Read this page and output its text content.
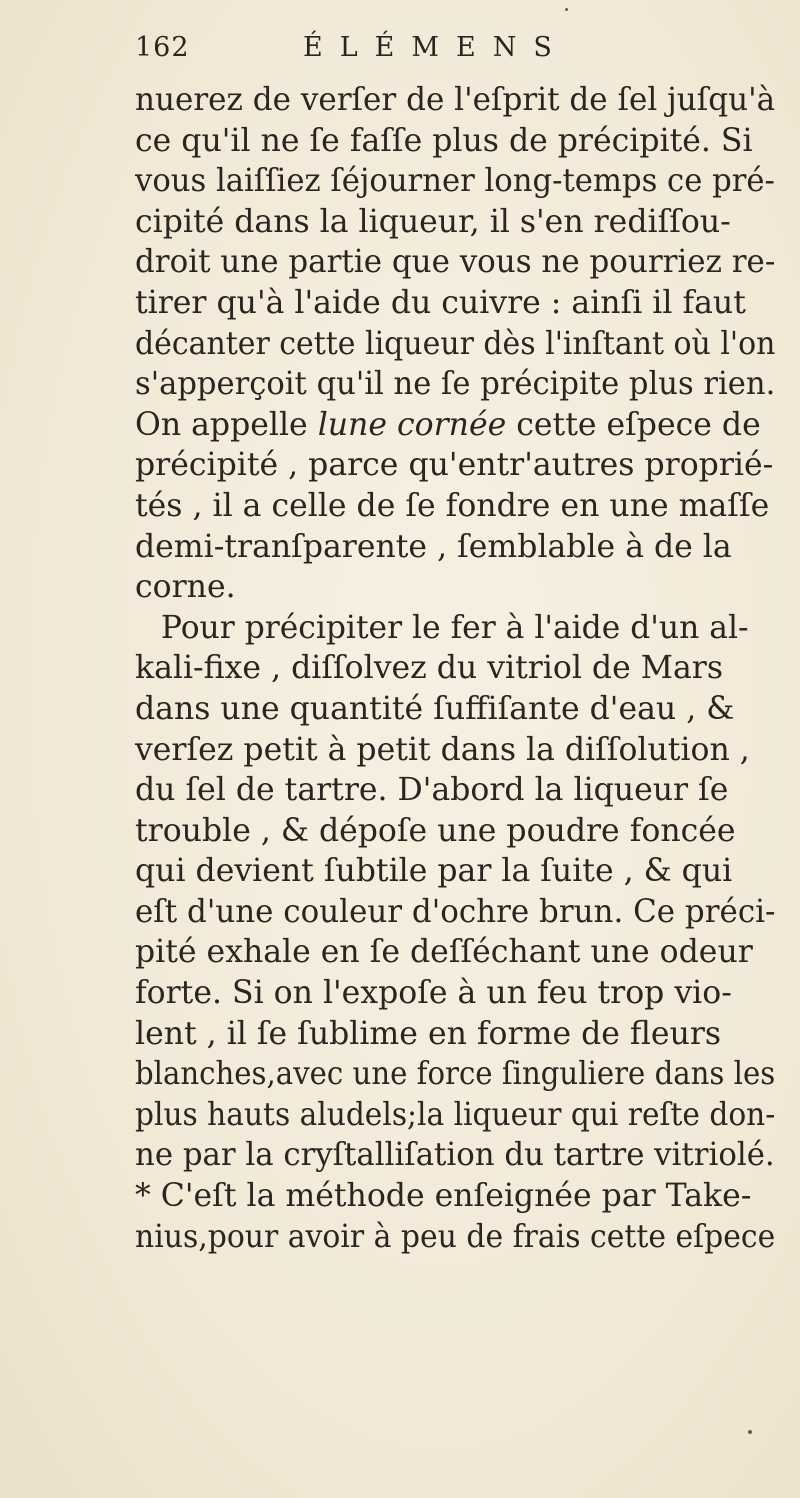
162	ÉLÉMENS
nuerez de verſer de l'eſprit de ſel juſqu'à
ce qu'il ne ſe faſſe plus de précipité. Si
vous laiſſiez ſéjourner long-temps ce pré-
cipité dans la liqueur, il s'en rediſſou-
droit une partie que vous ne pourriez re-
tirer qu'à l'aide du cuivre : ainſi il faut
décanter cette liqueur dès l'inſtant où l'on
s'apperçoit qu'il ne ſe précipite plus rien.
On appelle lune cornée cette eſpece de
précipité , parce qu'entr'autres proprié-
tés , il a celle de ſe fondre en une maſſe
demi-tranſparente , ſemblable à de la
corne.
Pour précipiter le fer à l'aide d'un al-
kali-fixe , diſſolvez du vitriol de Mars
dans une quantité ſuffiſante d'eau , &
verſez petit à petit dans la diſſolution ,
du ſel de tartre. D'abord la liqueur ſe
trouble , & dépoſe une poudre foncée
qui devient ſubtile par la ſuite , & qui
eſt d'une couleur d'ochre brun. Ce préci-
pité exhale en ſe deſſéchant une odeur
forte. Si on l'expoſe à un feu trop vio-
lent , il ſe ſublime en forme de fleurs
blanches,avec une force ſinguliere dans les
plus hauts aludels;la liqueur qui reſte don-
ne par la cryſtalliſation du tartre vitriolé.
* C'eſt la méthode enſeignée par Take-
nius,pour avoir à peu de frais cette eſpece
